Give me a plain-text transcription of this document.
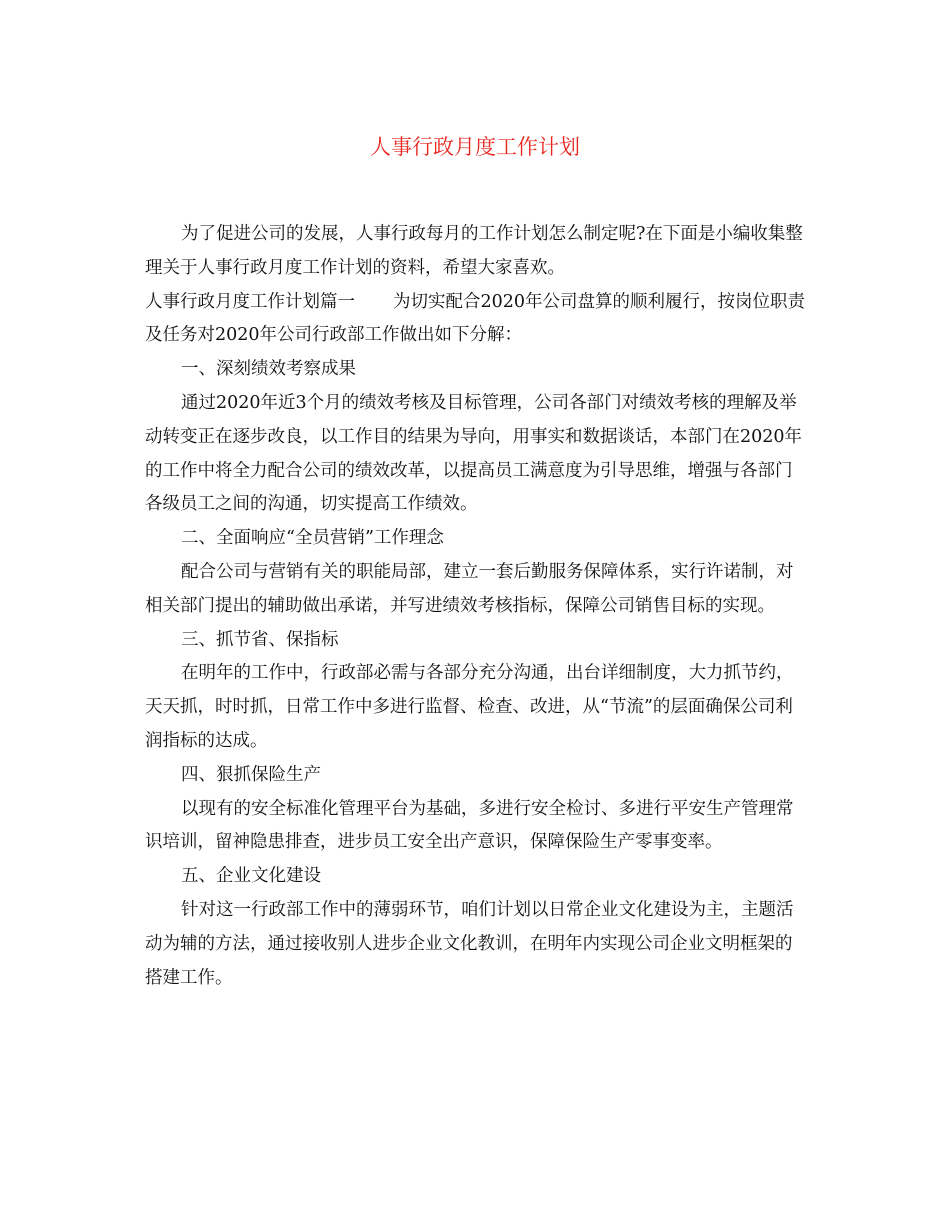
人事行政月度工作计划

为了促进公司的发展，人事行政每月的工作计划怎么制定呢?在下面是小编收集整理关于人事行政月度工作计划的资料，希望大家喜欢。

人事行政月度工作计划篇一 为切实配合2020年公司盘算的顺利履行，按岗位职责及任务对2020年公司行政部工作做出如下分解：

一、深刻绩效考察成果

通过2020年近3个月的绩效考核及目标管理，公司各部门对绩效考核的理解及举动转变正在逐步改良，以工作目的结果为导向，用事实和数据谈话，本部门在2020年的工作中将全力配合公司的绩效改革，以提高员工满意度为引导思维，增强与各部门各级员工之间的沟通，切实提高工作绩效。

二、全面响应“全员营销”工作理念

配合公司与营销有关的职能局部，建立一套后勤服务保障体系，实行许诺制，对相关部门提出的辅助做出承诺，并写进绩效考核指标，保障公司销售目标的实现。

三、抓节省、保指标

在明年的工作中，行政部必需与各部分充分沟通，出台详细制度，大力抓节约，天天抓，时时抓，日常工作中多进行监督、检查、改进，从“节流”的层面确保公司利润指标的达成。

四、狠抓保险生产

以现有的安全标准化管理平台为基础，多进行安全检讨、多进行平安生产管理常识培训，留神隐患排查，进步员工安全出产意识，保障保险生产零事变率。

五、企业文化建设

针对这一行政部工作中的薄弱环节，咱们计划以日常企业文化建设为主，主题活动为辅的方法，通过接收别人进步企业文化教训，在明年内实现公司企业文明框架的搭建工作。
